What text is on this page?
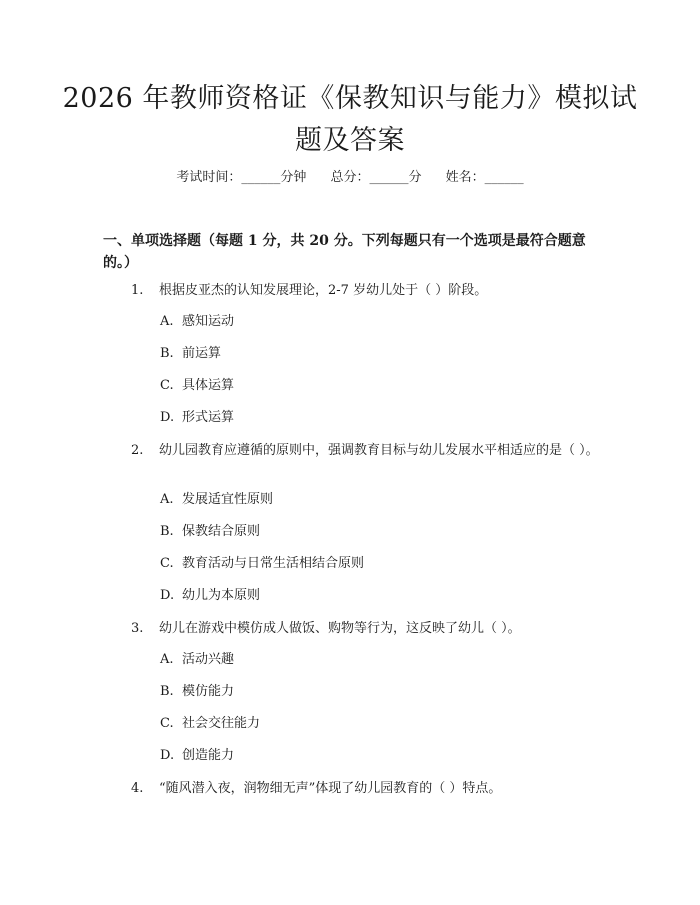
2026 年教师资格证《保教知识与能力》模拟试题及答案
考试时间：______分钟 总分：______分 姓名：______
一、单项选择题（每题 1 分，共 20 分。下列每题只有一个选项是最符合题意的。）
1. 根据皮亚杰的认知发展理论，2-7 岁幼儿处于（ ）阶段。
A. 感知运动
B. 前运算
C. 具体运算
D. 形式运算
2. 幼儿园教育应遵循的原则中，强调教育目标与幼儿发展水平相适应的是（ ）。
A. 发展适宜性原则
B. 保教结合原则
C. 教育活动与日常生活相结合原则
D. 幼儿为本原则
3. 幼儿在游戏中模仿成人做饭、购物等行为，这反映了幼儿（ ）。
A. 活动兴趣
B. 模仿能力
C. 社会交往能力
D. 创造能力
4. “随风潜入夜，润物细无声”体现了幼儿园教育的（ ）特点。
